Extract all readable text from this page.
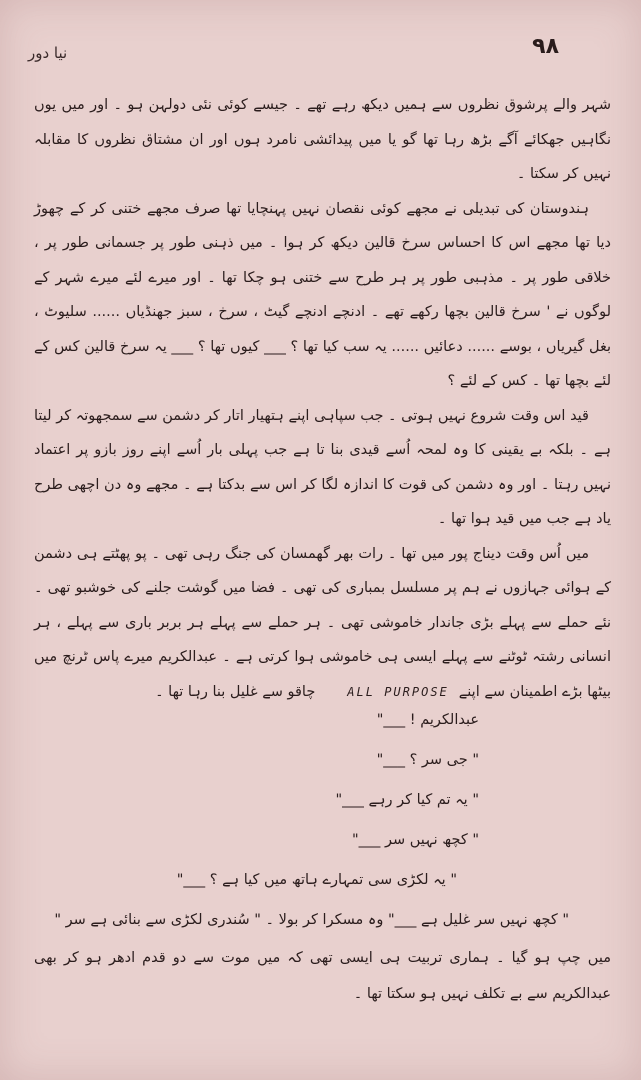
نیا دور	۹۸

شہر والے پرشوق نظروں سے ہمیں دیکھ رہے تھے ۔ جیسے کوئی نئی دولہن ہو ۔ اور میں یوں نگاہیں جھکائے آگے بڑھ رہا تھا گو یا میں پیدائشی نامرد ہوں اور ان مشتاق نظروں کا مقابلہ نہیں کر سکتا ۔

ہندوستان کی تبدیلی نے مجھے کوئی نقصان نہیں پہنچایا تھا صرف مجھے ختنی کر کے چھوڑ دیا تھا مجھے اس کا احساس سرخ قالین دیکھ کر ہوا ۔ میں ذہنی طور پر جسمانی طور پر ، خلاقی طور پر ۔ مذہبی طور پر ہر طرح سے ختنی ہو چکا تھا ۔ اور میرے لئے میرے شہر کے لوگوں نے ' سرخ قالین بچھا رکھے تھے ۔ ادنچے ادنچے گیٹ ، سرخ ، سبز جھنڈیاں ...... سلیوٹ ، بغل گیریاں ، بوسے ...... دعائیں ...... یہ سب کیا تھا ؟ ___ کیوں تھا ؟ ___ یہ سرخ قالین کس کے لئے بچھا تھا ۔ کس کے لئے ؟

قید اس وقت شروع نہیں ہوتی ۔ جب سپاہی اپنے ہتھیار اتار کر دشمن سے سمجھوتہ کر لیتا ہے ۔ بلکہ بے یقینی کا وہ لمحہ اُسے قیدی بنا تا ہے جب پہلی بار اُسے اپنے روز بازو پر اعتماد نہیں رہتا ۔ اور وہ دشمن کی قوت کا اندازہ لگا کر اس سے بدکتا ہے ۔ مجھے وہ دن اچھی طرح یاد ہے جب میں قید ہوا تھا ۔

میں اُس وقت دیناج پور میں تھا ۔ رات بھر گھمسان کی جنگ رہی تھی ۔ پو پھٹتے ہی دشمن کے ہوائی جہازوں نے ہم پر مسلسل بمباری کی تھی ۔ فضا میں گوشت جلنے کی خوشبو تھی ۔ نئے حملے سے پہلے بڑی جاندار خاموشی تھی ۔ ہر حملے سے پہلے ہر بربر باری سے پہلے ، ہر انسانی رشتہ ٹوٹنے سے پہلے ایسی ہی خاموشی ہوا کرتی ہے ۔ عبدالکریم میرے پاس ٹرنچ میں بیٹھا بڑے اطمینان سے اپنےALL PURPOSEچاقو سے غلیل بنا رہا تھا ۔

عبدالکریم ! ___"
" جی سر ؟ ___"
" یہ تم کیا کر رہے ___"
" کچھ نہیں سر ___"
" یہ لکڑی سی تمہارے ہاتھ میں کیا ہے ؟ ___"
" کچھ نہیں سر غلیل ہے ___" وہ مسکرا کر بولا ۔ " سُندری لکڑی سے بنائی ہے سر "
میں چپ ہو گیا ۔ ہماری تربیت ہی ایسی تھی کہ میں موت سے دو قدم ادھر ہو کر بھی عبدالکریم سے بے تکلف نہیں ہو سکتا تھا ۔
